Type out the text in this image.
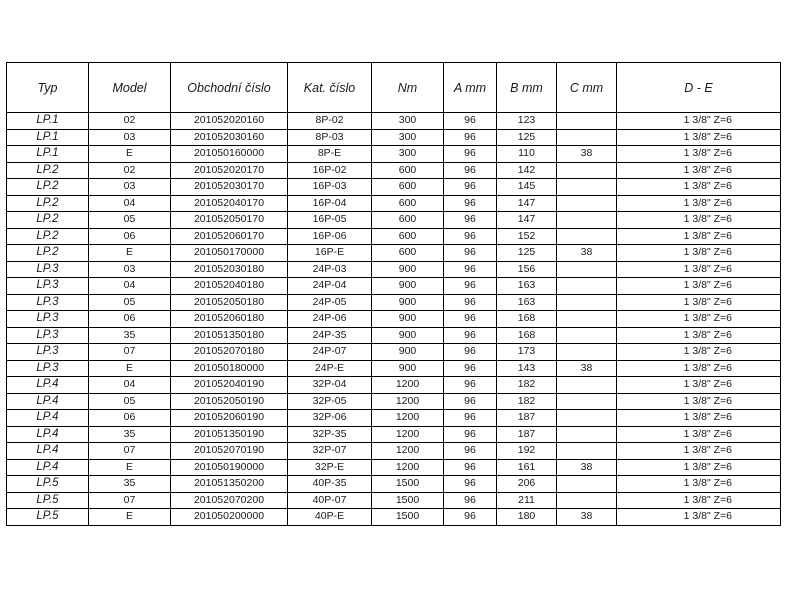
Typ	Model	Obchodní číslo	Kat. číslo	Nm	A mm	B mm	C mm	D - E
LP.1	02	201052020160	8P-02	300	96	123		1 3/8" Z=6
LP.1	03	201052030160	8P-03	300	96	125		1 3/8" Z=6
LP.1	E	201050160000	8P-E	300	96	110	38	1 3/8" Z=6
LP.2	02	201052020170	16P-02	600	96	142		1 3/8" Z=6
LP.2	03	201052030170	16P-03	600	96	145		1 3/8" Z=6
LP.2	04	201052040170	16P-04	600	96	147		1 3/8" Z=6
LP.2	05	201052050170	16P-05	600	96	147		1 3/8" Z=6
LP.2	06	201052060170	16P-06	600	96	152		1 3/8" Z=6
LP.2	E	201050170000	16P-E	600	96	125	38	1 3/8" Z=6
LP.3	03	201052030180	24P-03	900	96	156		1 3/8" Z=6
LP.3	04	201052040180	24P-04	900	96	163		1 3/8" Z=6
LP.3	05	201052050180	24P-05	900	96	163		1 3/8" Z=6
LP.3	06	201052060180	24P-06	900	96	168		1 3/8" Z=6
LP.3	35	201051350180	24P-35	900	96	168		1 3/8" Z=6
LP.3	07	201052070180	24P-07	900	96	173		1 3/8" Z=6
LP.3	E	201050180000	24P-E	900	96	143	38	1 3/8" Z=6
LP.4	04	201052040190	32P-04	1200	96	182		1 3/8" Z=6
LP.4	05	201052050190	32P-05	1200	96	182		1 3/8" Z=6
LP.4	06	201052060190	32P-06	1200	96	187		1 3/8" Z=6
LP.4	35	201051350190	32P-35	1200	96	187		1 3/8" Z=6
LP.4	07	201052070190	32P-07	1200	96	192		1 3/8" Z=6
LP.4	E	201050190000	32P-E	1200	96	161	38	1 3/8" Z=6
LP.5	35	201051350200	40P-35	1500	96	206		1 3/8" Z=6
LP.5	07	201052070200	40P-07	1500	96	211		1 3/8" Z=6
LP.5	E	201050200000	40P-E	1500	96	180	38	1 3/8" Z=6
